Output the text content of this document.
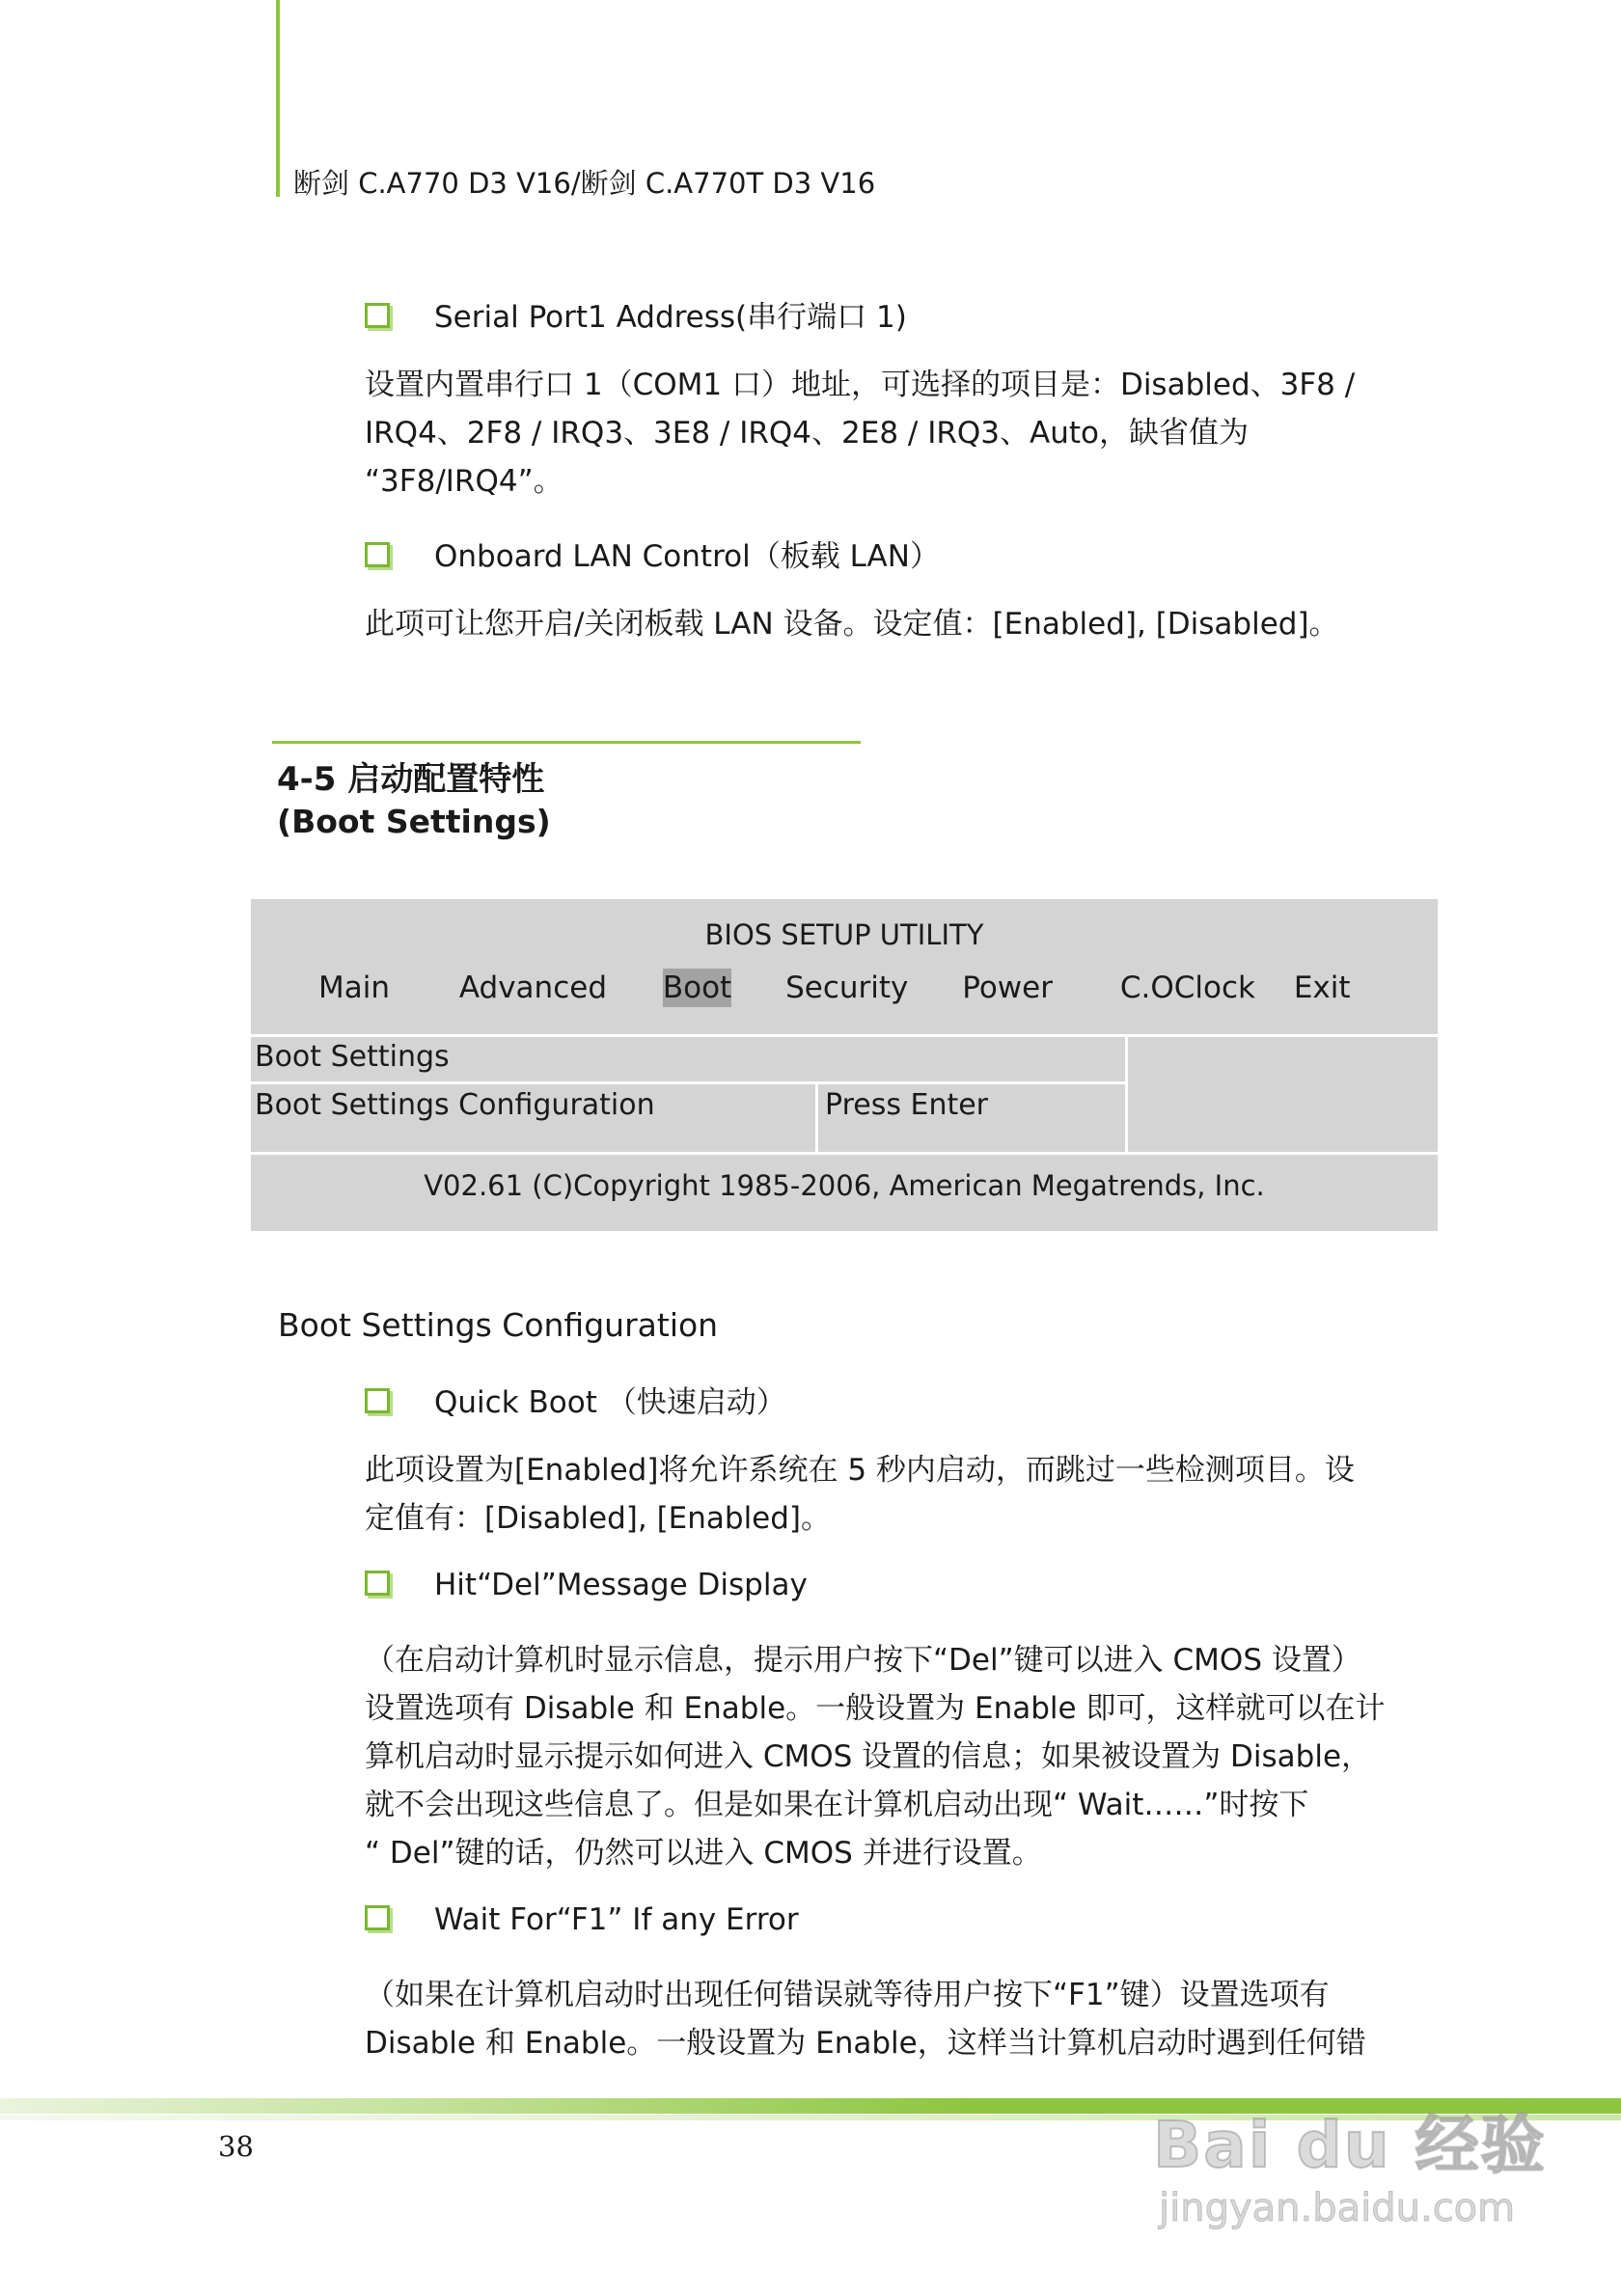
断剑 C.A770 D3 V16/断剑 C.A770T D3 V16
Serial Port1 Address(串行端口 1)
设置内置串行口 1（COM1 口）地址，可选择的项目是：Disabled、3F8 /
IRQ4、2F8 / IRQ3、3E8 / IRQ4、2E8 / IRQ3、Auto，缺省值为
“3F8/IRQ4”。
Onboard LAN Control（板载 LAN）
此项可让您开启/关闭板载 LAN 设备。设定值：[Enabled], [Disabled]。
4-5 启动配置特性
(Boot Settings)
BIOS SETUP UTILITY
Main Advanced Boot Security Power C.OClock Exit
Boot Settings
Boot Settings Configuration	Press Enter
V02.61 (C)Copyright 1985-2006, American Megatrends, Inc.
Boot Settings Configuration
Quick Boot （快速启动）
此项设置为[Enabled]将允许系统在 5 秒内启动，而跳过一些检测项目。设
定值有：[Disabled], [Enabled]。
Hit“Del”Message Display
（在启动计算机时显示信息，提示用户按下“Del”键可以进入 CMOS 设置）
设置选项有 Disable 和 Enable。一般设置为 Enable 即可，这样就可以在计
算机启动时显示提示如何进入 CMOS 设置的信息；如果被设置为 Disable，
就不会出现这些信息了。但是如果在计算机启动出现“ Wait……”时按下
“ Del”键的话，仍然可以进入 CMOS 并进行设置。
Wait For“F1” If any Error
（如果在计算机启动时出现任何错误就等待用户按下“F1”键）设置选项有
Disable 和 Enable。一般设置为 Enable，这样当计算机启动时遇到任何错
38	Bai du 经验
jingyan.baidu.com
